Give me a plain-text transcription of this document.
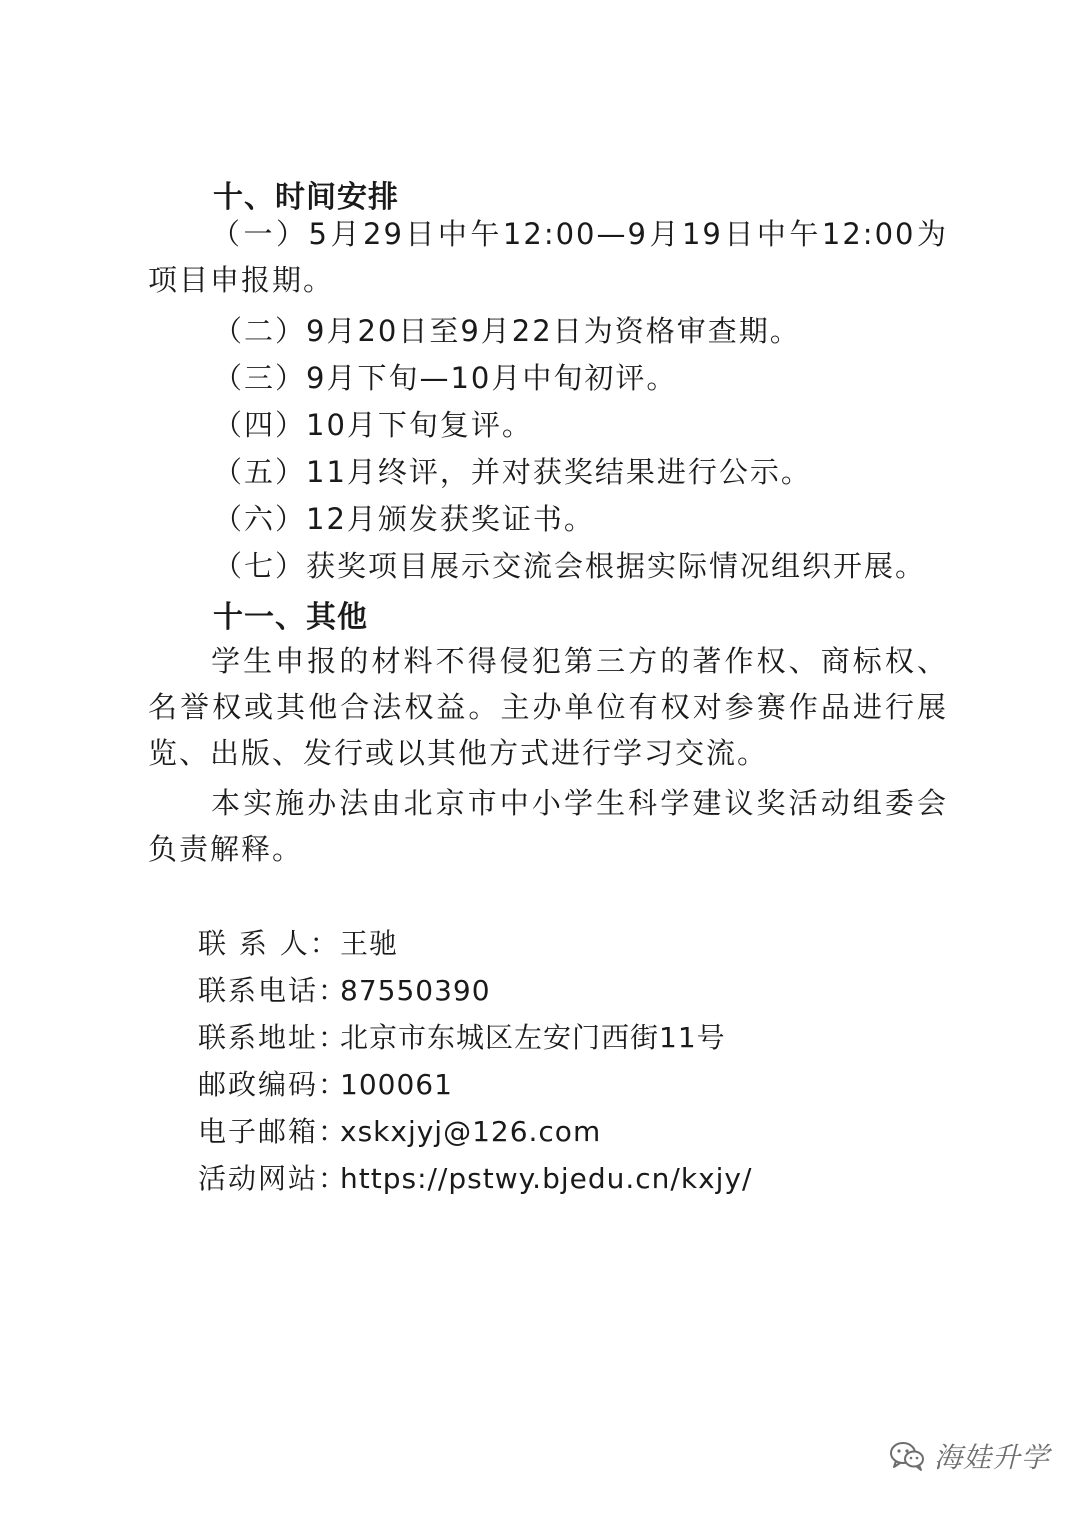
十、时间安排
（一）5月29日中午12:00—9月19日中午12:00为项目申报期。
（二）9月20日至9月22日为资格审查期。
（三）9月下旬—10月中旬初评。
（四）10月下旬复评。
（五）11月终评，并对获奖结果进行公示。
（六）12月颁发获奖证书。
（七）获奖项目展示交流会根据实际情况组织开展。
十一、其他
学生申报的材料不得侵犯第三方的著作权、商标权、名誉权或其他合法权益。主办单位有权对参赛作品进行展览、出版、发行或以其他方式进行学习交流。
本实施办法由北京市中小学生科学建议奖活动组委会负责解释。
联 系 人：王驰
联系电话：87550390
联系地址：北京市东城区左安门西街11号
邮政编码：100061
电子邮箱：xskxjyj@126.com
活动网站：https://pstwy.bjedu.cn/kxjy/
海娃升学
